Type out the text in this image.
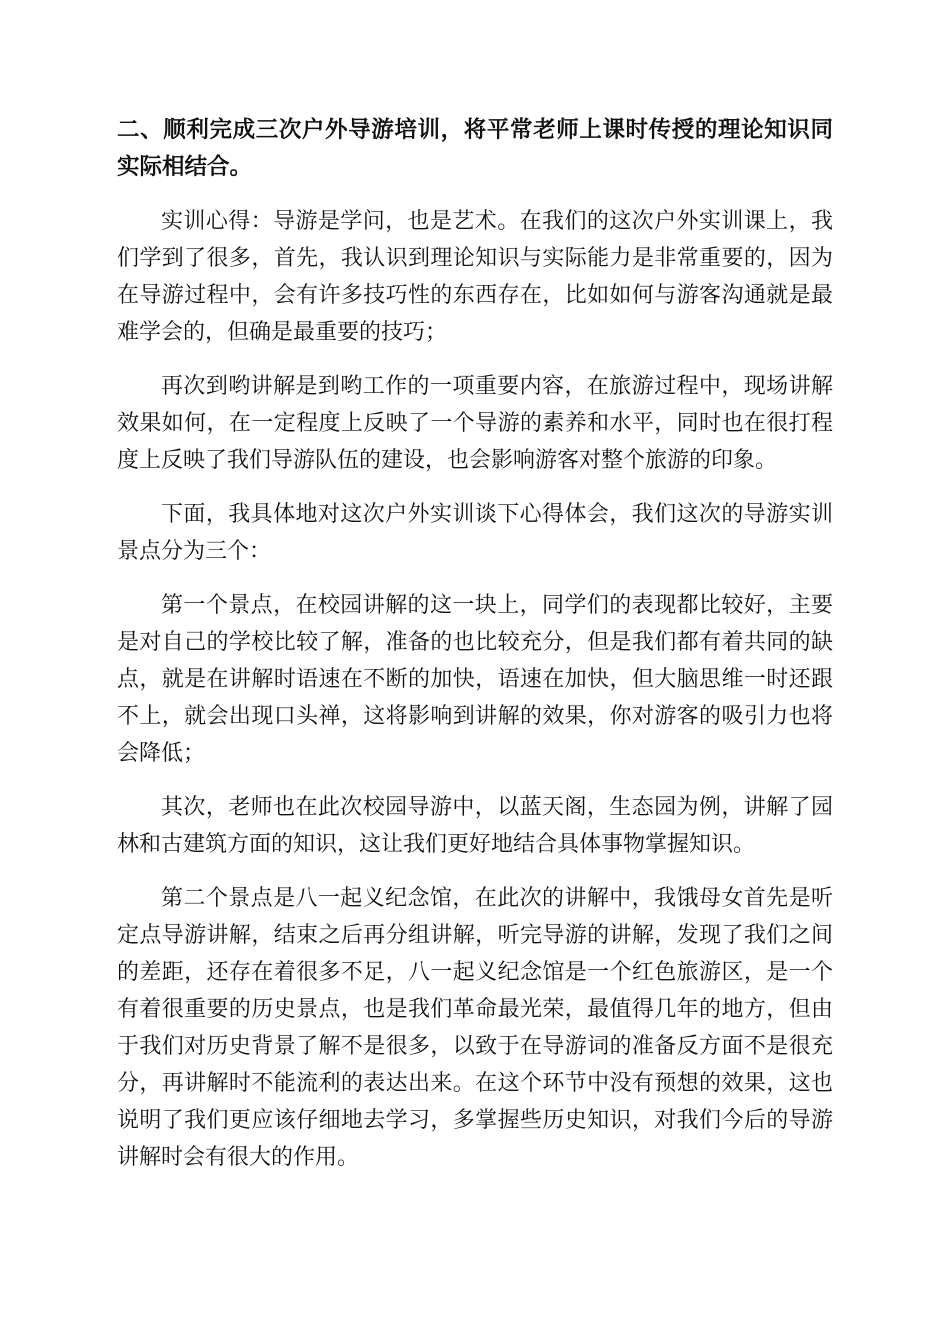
二、顺利完成三次户外导游培训，将平常老师上课时传授的理论知识同实际相结合。

实训心得：导游是学问，也是艺术。在我们的这次户外实训课上，我们学到了很多，首先，我认识到理论知识与实际能力是非常重要的，因为在导游过程中，会有许多技巧性的东西存在，比如如何与游客沟通就是最难学会的，但确是最重要的技巧；

再次到哟讲解是到哟工作的一项重要内容，在旅游过程中，现场讲解效果如何，在一定程度上反映了一个导游的素养和水平，同时也在很打程度上反映了我们导游队伍的建设，也会影响游客对整个旅游的印象。

下面，我具体地对这次户外实训谈下心得体会，我们这次的导游实训景点分为三个：

第一个景点，在校园讲解的这一块上，同学们的表现都比较好，主要是对自己的学校比较了解，准备的也比较充分，但是我们都有着共同的缺点，就是在讲解时语速在不断的加快，语速在加快，但大脑思维一时还跟不上，就会出现口头禅，这将影响到讲解的效果，你对游客的吸引力也将会降低；

其次，老师也在此次校园导游中，以蓝天阁，生态园为例，讲解了园林和古建筑方面的知识，这让我们更好地结合具体事物掌握知识。

第二个景点是八一起义纪念馆，在此次的讲解中，我饿母女首先是听定点导游讲解，结束之后再分组讲解，听完导游的讲解，发现了我们之间的差距，还存在着很多不足，八一起义纪念馆是一个红色旅游区，是一个有着很重要的历史景点，也是我们革命最光荣，最值得几年的地方，但由于我们对历史背景了解不是很多，以致于在导游词的准备反方面不是很充分，再讲解时不能流利的表达出来。在这个环节中没有预想的效果，这也说明了我们更应该仔细地去学习，多掌握些历史知识，对我们今后的导游讲解时会有很大的作用。
